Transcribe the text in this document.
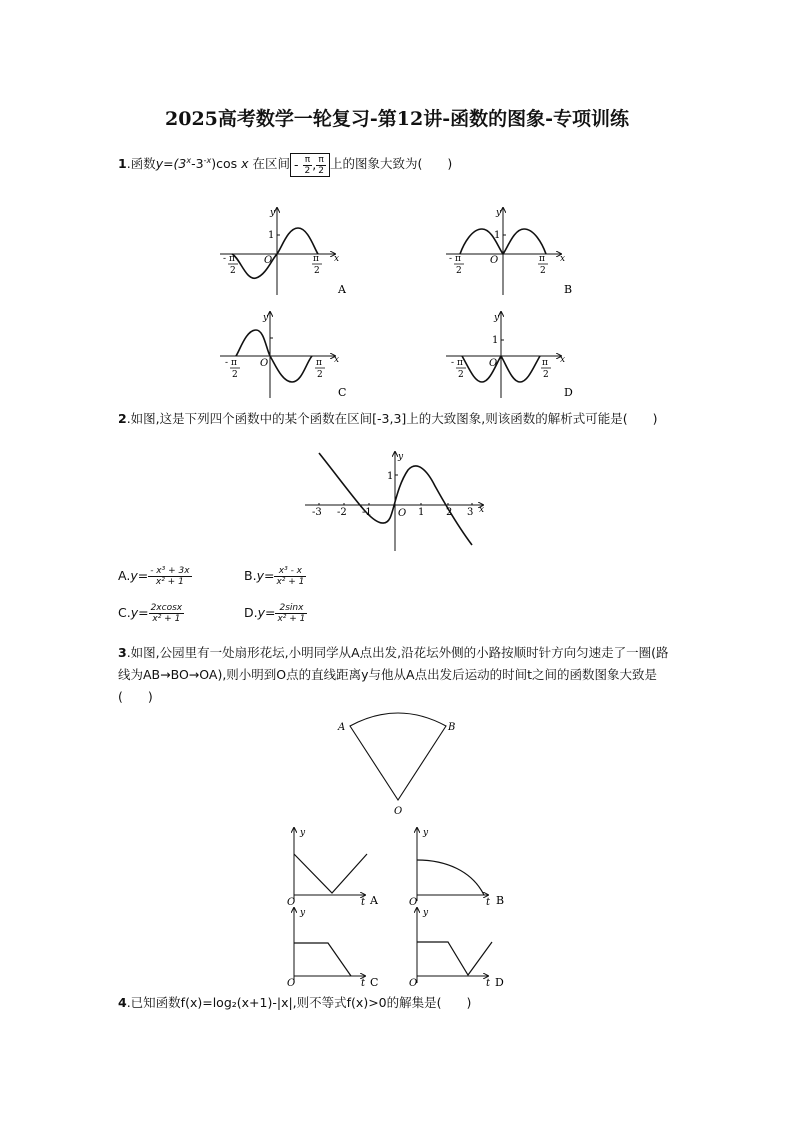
2025高考数学一轮复习-第12讲-函数的图象-专项训练
1.函数$y=(3^x-3^{-x})\cos$ x 在区间 - $\frac{\pi}{2}$ , $\frac{\pi}{2}$ 上的图象大致为(　　)
1
y
x
O
- π
2
π
2
A
1
y
x
O
- π
2
π
2
B
y
x
O
- π
2
π
2
C
1
y
x
O
- π
2
π
2
D
2.如图,这是下列四个函数中的某个函数在区间[-3,3]上的大致图象,则该函数的解析式可能是(　　)
1
y
x
O
-3 -2 -1	1 2 3
$A.y= \frac{\text{- x³ + 3x}}{\text{x² + 1}}$	$B.y= \frac{\text{x³ - x}}{\text{x² + 1}}$
$C.y= \frac{2xcosx}{\text{x² + 1}}$	$D.y= \frac{2\sin x}{\text{x² + 1}}$
3.如图,公园里有一处扇形花坛,小明同学从A点出发,沿花坛外侧的小路按顺时针方向匀速走了一圈(路线为AB→BO→OA),则小明到O点的直线距离y与他从A点出发后运动的时间t之间的函数图象大致是(　　)
A	B
O
y
O	t A
y
O	t B
y
O	t C
y
O	t D
4.已知函数f(x)=log₂(x+1)-|x|,则不等式f(x)>0的解集是(　　)
